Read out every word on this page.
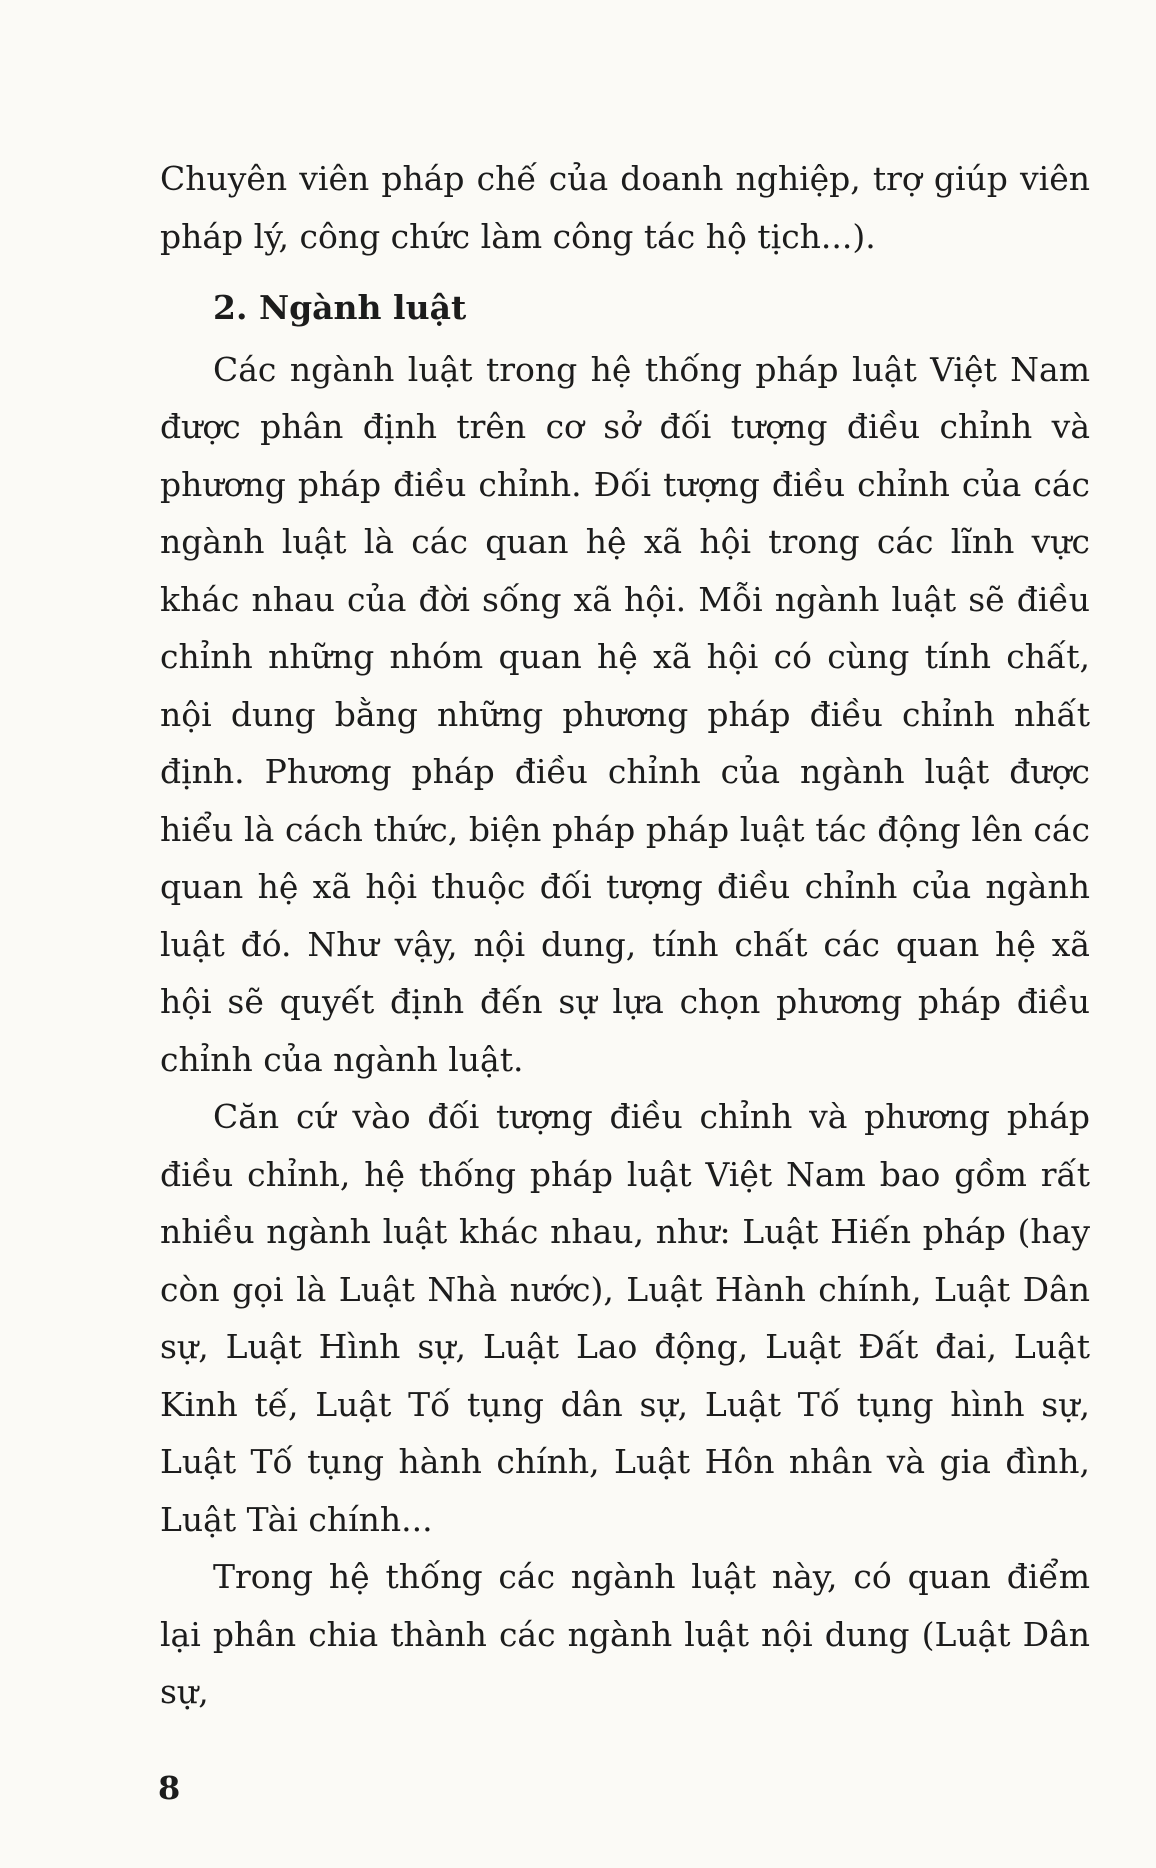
Chuyên viên pháp chế của doanh nghiệp, trợ giúp viên pháp lý, công chức làm công tác hộ tịch...).

2. Ngành luật

Các ngành luật trong hệ thống pháp luật Việt Nam được phân định trên cơ sở đối tượng điều chỉnh và phương pháp điều chỉnh. Đối tượng điều chỉnh của các ngành luật là các quan hệ xã hội trong các lĩnh vực khác nhau của đời sống xã hội. Mỗi ngành luật sẽ điều chỉnh những nhóm quan hệ xã hội có cùng tính chất, nội dung bằng những phương pháp điều chỉnh nhất định. Phương pháp điều chỉnh của ngành luật được hiểu là cách thức, biện pháp pháp luật tác động lên các quan hệ xã hội thuộc đối tượng điều chỉnh của ngành luật đó. Như vậy, nội dung, tính chất các quan hệ xã hội sẽ quyết định đến sự lựa chọn phương pháp điều chỉnh của ngành luật.

Căn cứ vào đối tượng điều chỉnh và phương pháp điều chỉnh, hệ thống pháp luật Việt Nam bao gồm rất nhiều ngành luật khác nhau, như: Luật Hiến pháp (hay còn gọi là Luật Nhà nước), Luật Hành chính, Luật Dân sự, Luật Hình sự, Luật Lao động, Luật Đất đai, Luật Kinh tế, Luật Tố tụng dân sự, Luật Tố tụng hình sự, Luật Tố tụng hành chính, Luật Hôn nhân và gia đình, Luật Tài chính...

Trong hệ thống các ngành luật này, có quan điểm lại phân chia thành các ngành luật nội dung (Luật Dân sự,

8
